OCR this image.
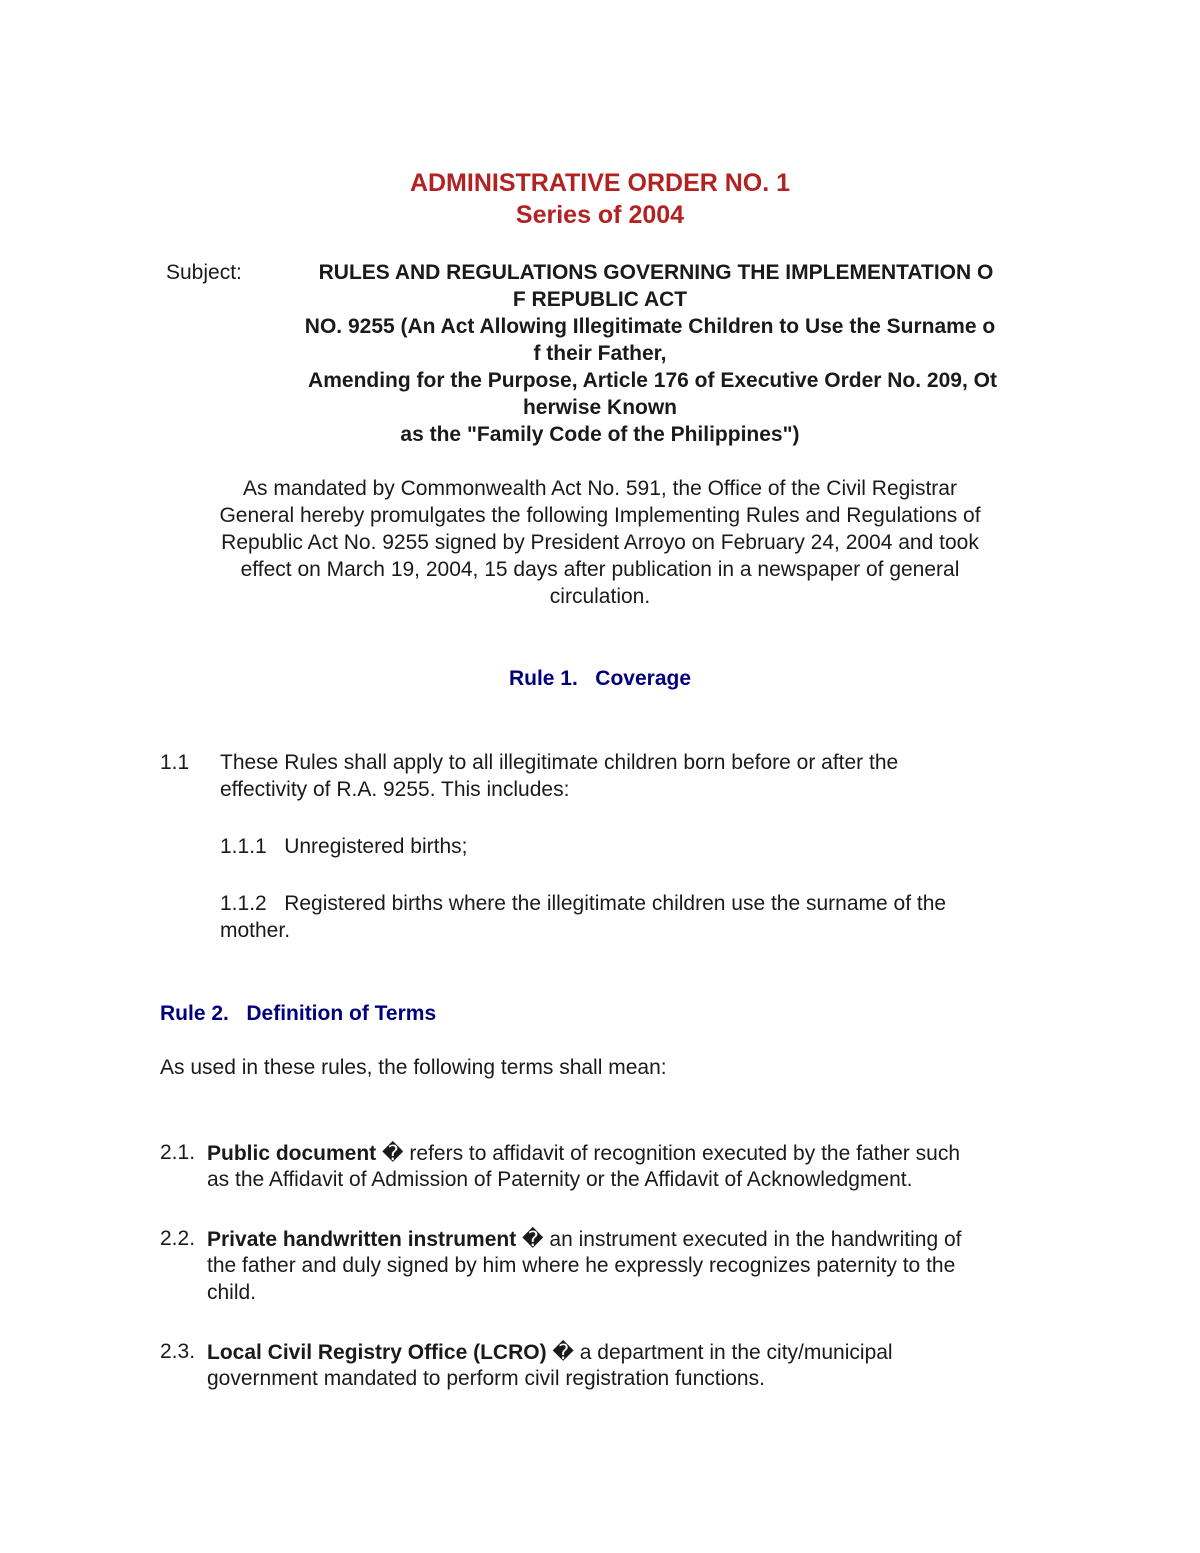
ADMINISTRATIVE ORDER NO. 1
Series of 2004
Subject:	RULES AND REGULATIONS GOVERNING THE IMPLEMENTATION O
F REPUBLIC ACT
NO. 9255 (An Act Allowing Illegitimate Children to Use the Surname o
f their Father,
Amending for the Purpose, Article 176 of Executive Order No. 209, Ot
herwise Known
as the "Family Code of the Philippines")
As mandated by Commonwealth Act No. 591, the Office of the Civil Registrar
General hereby promulgates the following Implementing Rules and Regulations of
Republic Act No. 9255 signed by President Arroyo on February 24, 2004 and took
effect on March 19, 2004, 15 days after publication in a newspaper of general
circulation.
Rule 1.   Coverage
1.1 These Rules shall apply to all illegitimate children born before or after the
effectivity of R.A. 9255. This includes:
1.1.1   Unregistered births;
1.1.2   Registered births where the illegitimate children use the surname of the
mother.
Rule 2.   Definition of Terms
As used in these rules, the following terms shall mean:
2.1. Public document � refers to affidavit of recognition executed by the father such
as the Affidavit of Admission of Paternity or the Affidavit of Acknowledgment.
2.2. Private handwritten instrument � an instrument executed in the handwriting of
the father and duly signed by him where he expressly recognizes paternity to the
child.
2.3. Local Civil Registry Office (LCRO) � a department in the city/municipal
government mandated to perform civil registration functions.
